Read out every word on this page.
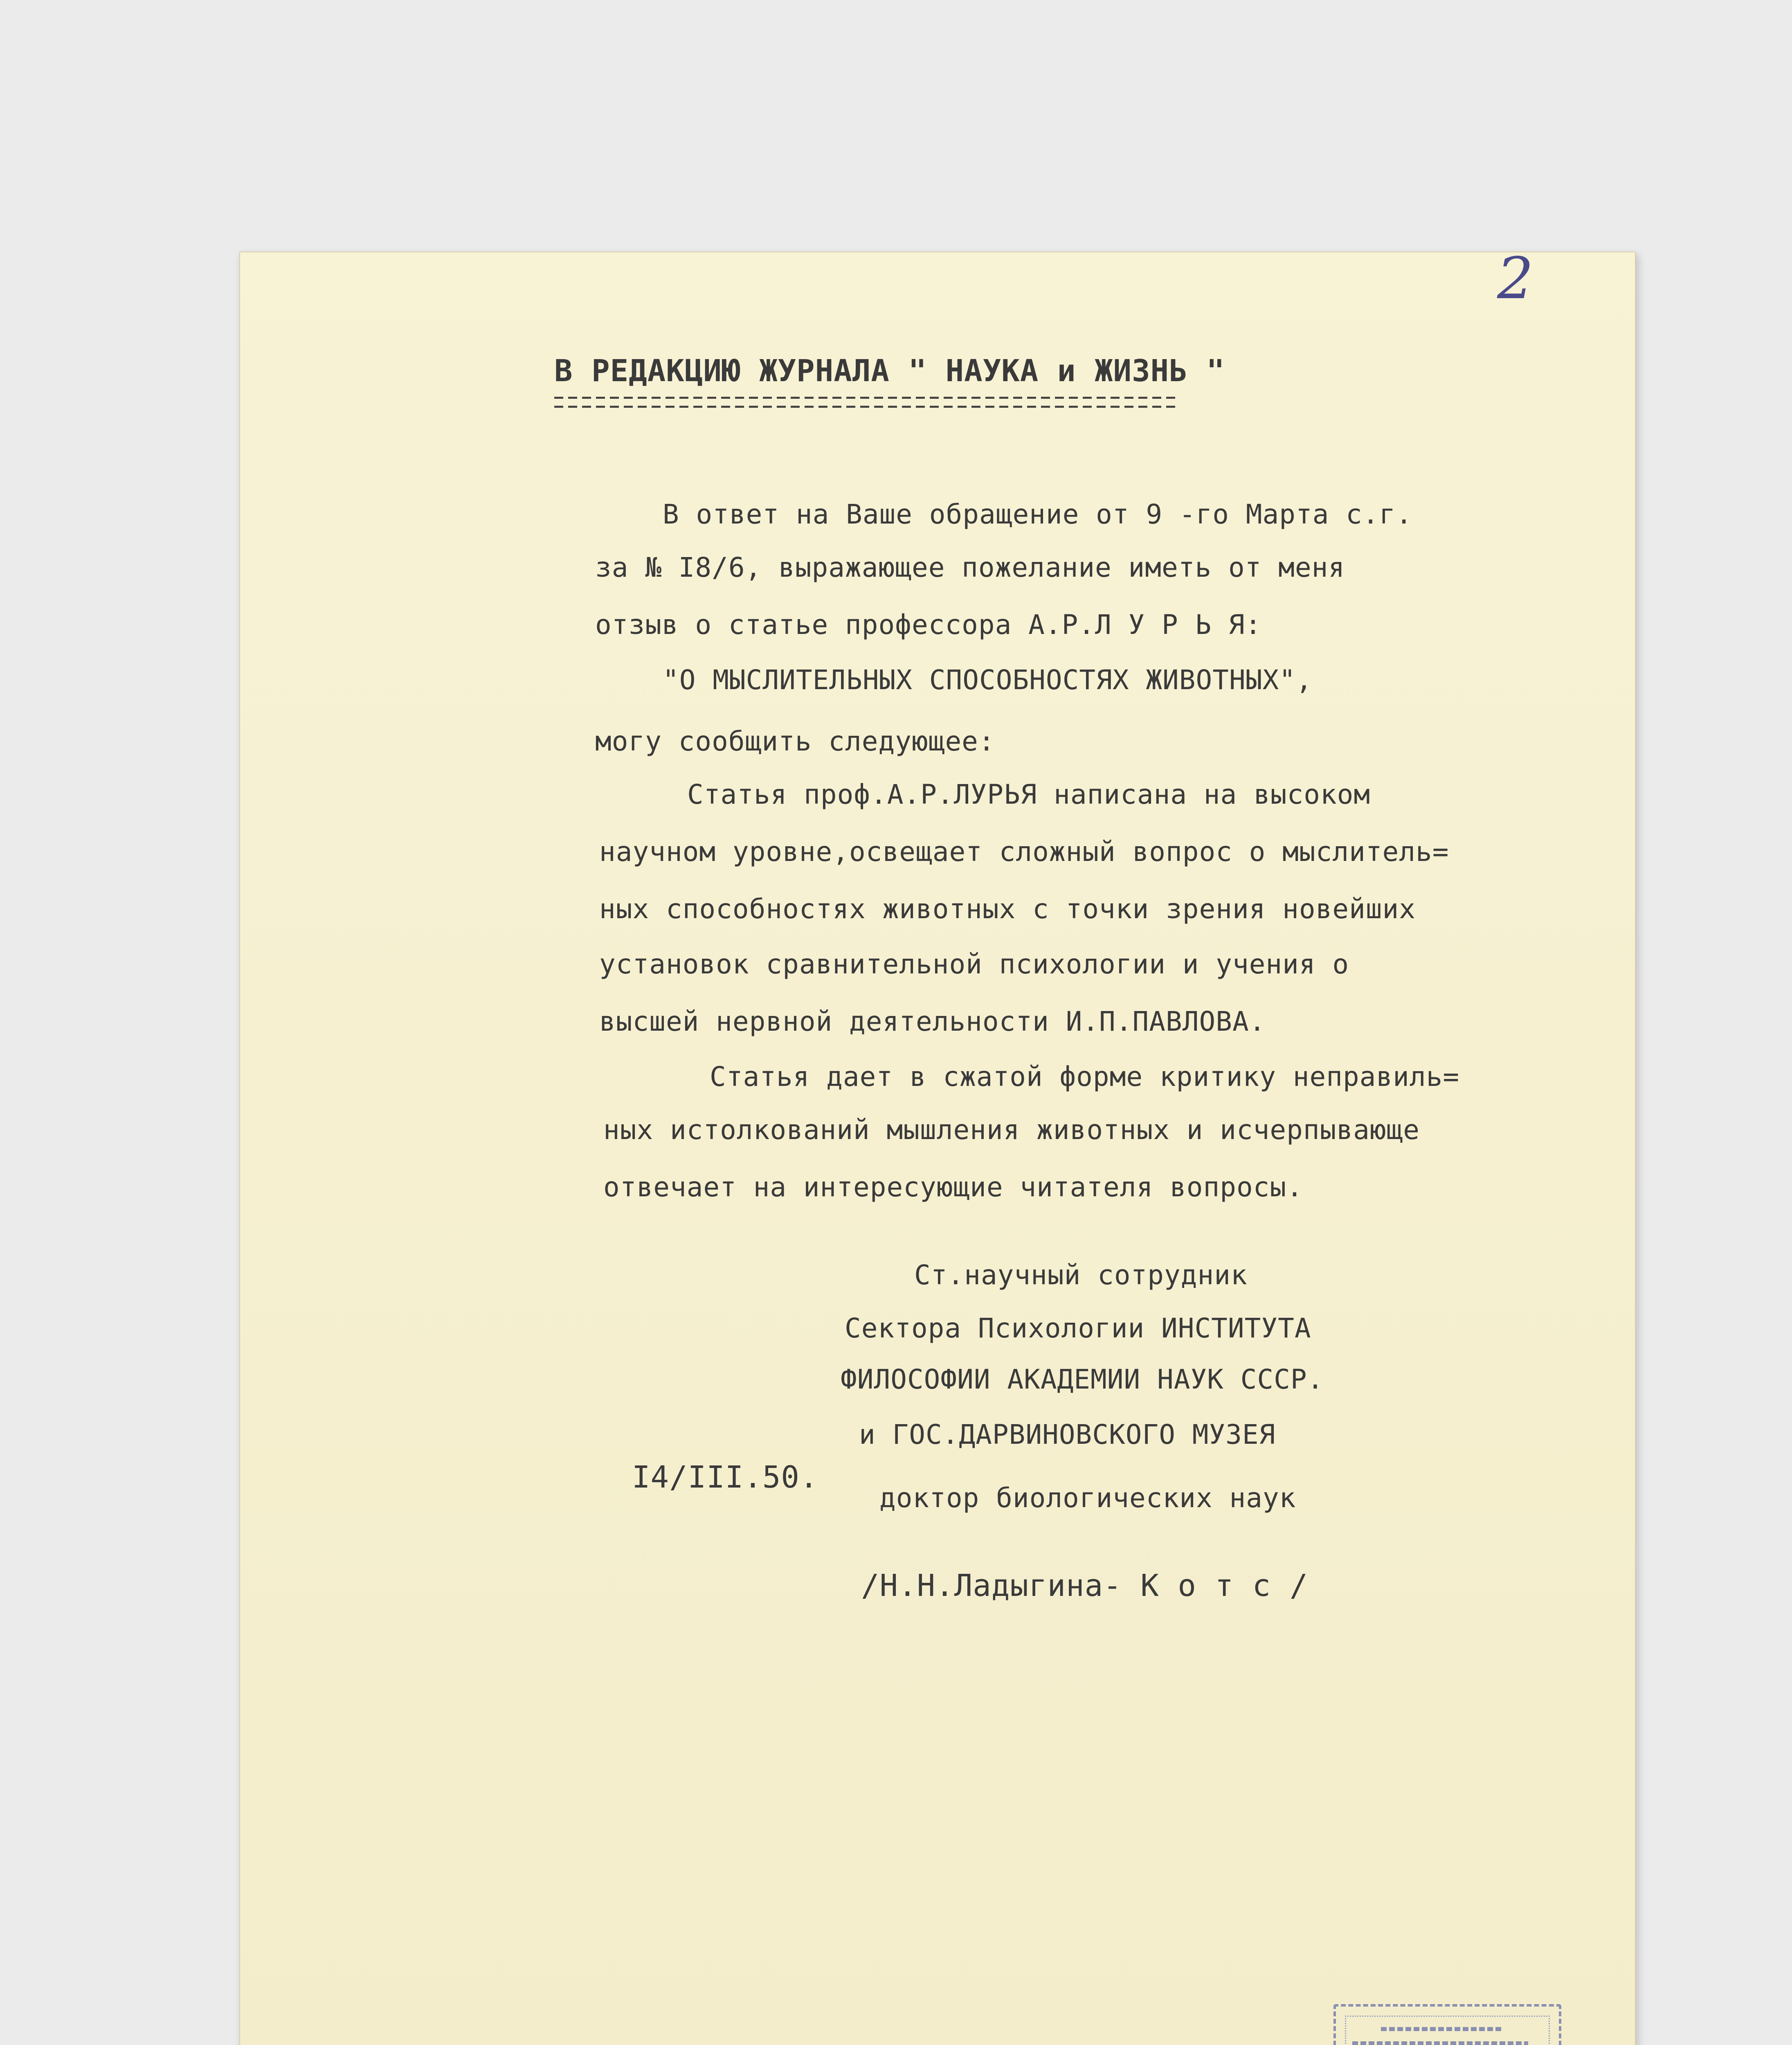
2

В РЕДАКЦИЮ ЖУРНАЛА " НАУКА и ЖИЗНЬ "

В ответ на Ваше обращение от 9 -го Марта с.г.

за № I8/6, выражающее пожелание иметь от меня

отзыв о статье профессора А.Р.Л У Р Ь Я:

"О МЫСЛИТЕЛЬНЫХ СПОСОБНОСТЯХ ЖИВОТНЫХ",

могу сообщить следующее:

Статья проф.А.Р.ЛУРЬЯ написана на высоком

научном уровне,освещает сложный вопрос о мыслитель=

ных способностях животных с точки зрения новейших

установок сравнительной психологии и учения о

высшей нервной деятельности И.П.ПАВЛОВА.

Статья дает в сжатой форме критику неправиль=

ных истолкований мышления животных и исчерпывающе

отвечает на интересующие читателя вопросы.

Ст.научный сотрудник

Сектора Психологии ИНСТИТУТА

ФИЛОСОФИИ АКАДЕМИИ НАУК СССР.

и ГОС.ДАРВИНОВСКОГО МУЗЕЯ

доктор биологических наук

I4/III.50.

/Н.Н.Ладыгина- К о т с /
